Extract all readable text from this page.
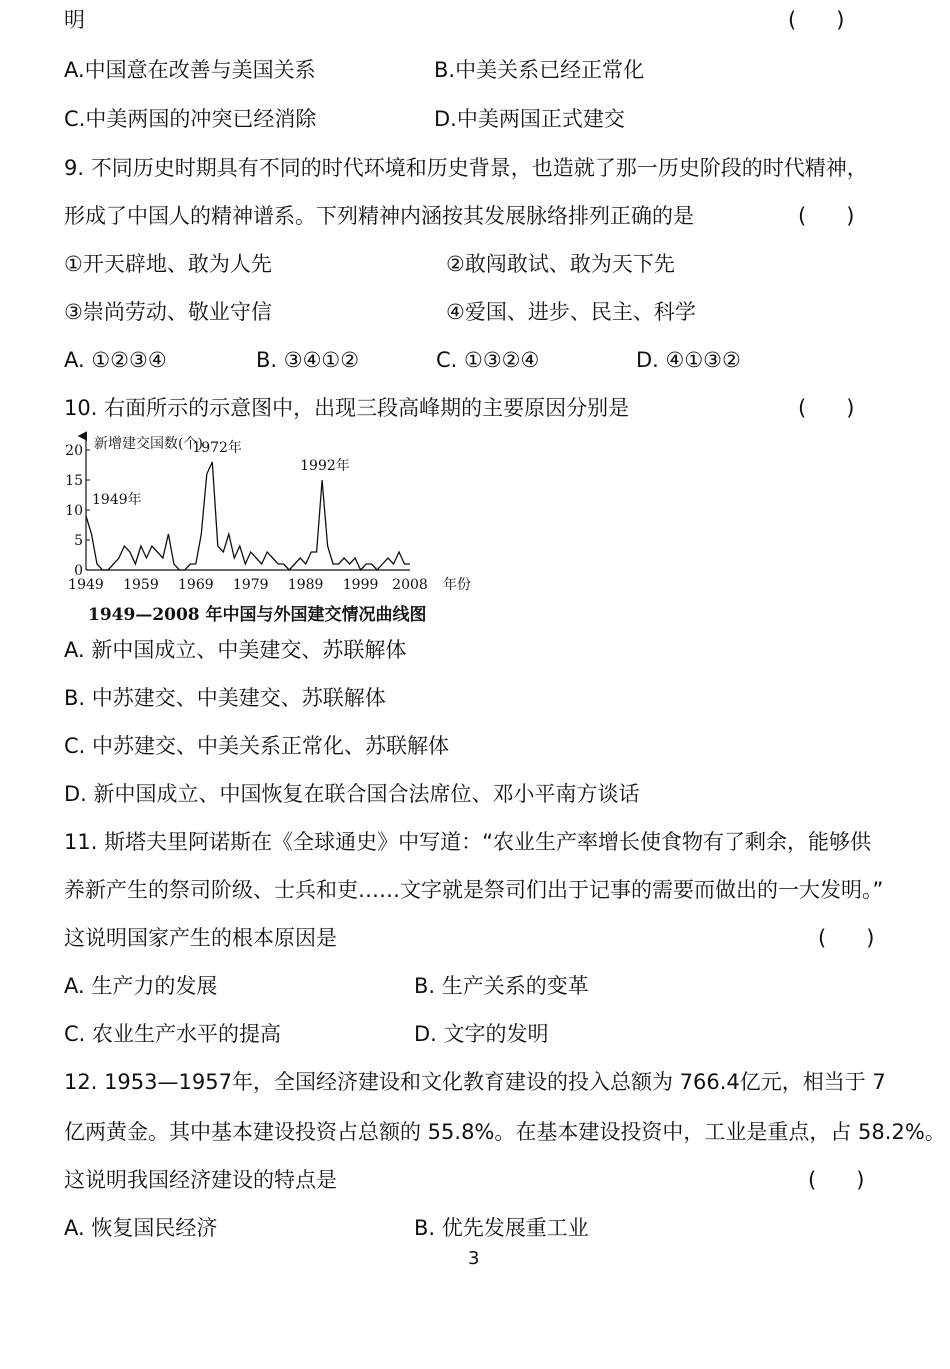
明	(      )
A.中国意在改善与美国关系	B.中美关系已经正常化
C.中美两国的冲突已经消除	D.中美两国正式建交
9. 不同历史时期具有不同的时代环境和历史背景，也造就了那一历史阶段的时代精神，
形成了中国人的精神谱系。下列精神内涵按其发展脉络排列正确的是	(      )
①开天辟地、敢为人先	②敢闯敢试、敢为天下先
③崇尚劳动、敬业守信	④爱国、进步、民主、科学
A. ①②③④	B. ③④①②	C. ①③②④	D. ④①③②
10. 右面所示的示意图中，出现三段高峰期的主要原因分别是	(      )
新增建交国数(个)
年份
0
5
10
15
20
1949 1959 1969 1979 1989 1999 2008
1949年
1972年
1992年
1949—2008 年中国与外国建交情况曲线图
A. 新中国成立、中美建交、苏联解体
B. 中苏建交、中美建交、苏联解体
C. 中苏建交、中美关系正常化、苏联解体
D. 新中国成立、中国恢复在联合国合法席位、邓小平南方谈话
11. 斯塔夫里阿诺斯在《全球通史》中写道：“农业生产率增长使食物有了剩余，能够供
养新产生的祭司阶级、士兵和吏……文字就是祭司们出于记事的需要而做出的一大发明。”
这说明国家产生的根本原因是	(      )
A. 生产力的发展	B. 生产关系的变革
C. 农业生产水平的提高	D. 文字的发明
12. 1953—1957年，全国经济建设和文化教育建设的投入总额为 766.4亿元，相当于 7
亿两黄金。其中基本建设投资占总额的 55.8%。在基本建设投资中，工业是重点，占 58.2%。
这说明我国经济建设的特点是	(      )
A. 恢复国民经济	B. 优先发展重工业
3
